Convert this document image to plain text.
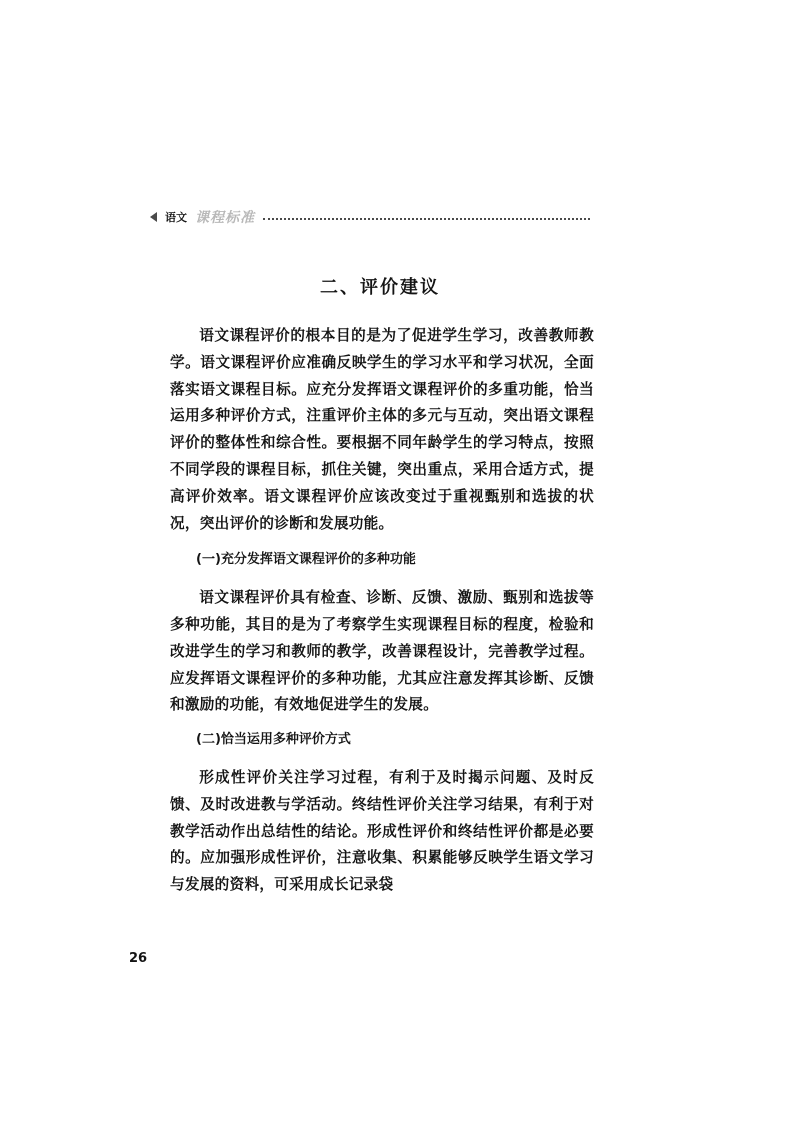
语文 课程标准
二、评价建议

语文课程评价的根本目的是为了促进学生学习，改善教师教学。语文课程评价应准确反映学生的学习水平和学习状况，全面落实语文课程目标。应充分发挥语文课程评价的多重功能，恰当运用多种评价方式，注重评价主体的多元与互动，突出语文课程评价的整体性和综合性。要根据不同年龄学生的学习特点，按照不同学段的课程目标，抓住关键，突出重点，采用合适方式，提高评价效率。语文课程评价应该改变过于重视甄别和选拔的状况，突出评价的诊断和发展功能。

(一)充分发挥语文课程评价的多种功能

语文课程评价具有检查、诊断、反馈、激励、甄别和选拔等多种功能，其目的是为了考察学生实现课程目标的程度，检验和改进学生的学习和教师的教学，改善课程设计，完善教学过程。应发挥语文课程评价的多种功能，尤其应注意发挥其诊断、反馈和激励的功能，有效地促进学生的发展。

(二)恰当运用多种评价方式

形成性评价关注学习过程，有利于及时揭示问题、及时反馈、及时改进教与学活动。终结性评价关注学习结果，有利于对教学活动作出总结性的结论。形成性评价和终结性评价都是必要的。应加强形成性评价，注意收集、积累能够反映学生语文学习与发展的资料，可采用成长记录袋

26
